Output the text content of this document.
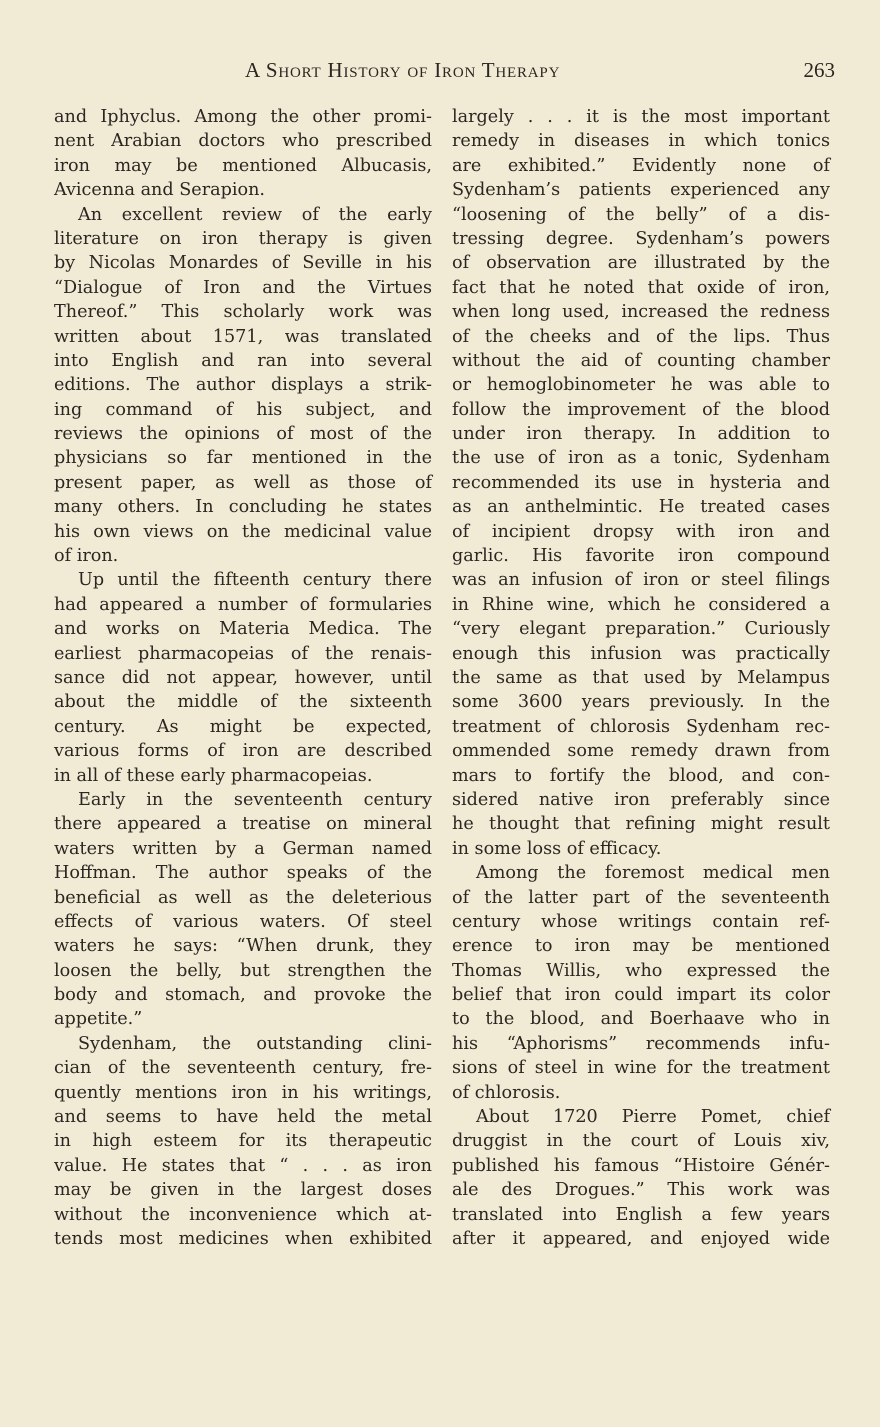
A Short History of Iron Therapy	263
and Iphyclus. Among the other promi-
nent Arabian doctors who prescribed
iron may be mentioned Albucasis,
Avicenna and Serapion.
An excellent review of the early
literature on iron therapy is given
by Nicolas Monardes of Seville in his
“Dialogue of Iron and the Virtues
Thereof.” This scholarly work was
written about 1571, was translated
into English and ran into several
editions. The author displays a strik-
ing command of his subject, and
reviews the opinions of most of the
physicians so far mentioned in the
present paper, as well as those of
many others. In concluding he states
his own views on the medicinal value
of iron.
Up until the fifteenth century there
had appeared a number of formularies
and works on Materia Medica. The
earliest pharmacopeias of the renais-
sance did not appear, however, until
about the middle of the sixteenth
century. As might be expected,
various forms of iron are described
in all of these early pharmacopeias.
Early in the seventeenth century
there appeared a treatise on mineral
waters written by a German named
Hoffman. The author speaks of the
beneficial as well as the deleterious
effects of various waters. Of steel
waters he says: “When drunk, they
loosen the belly, but strengthen the
body and stomach, and provoke the
appetite.”
Sydenham, the outstanding clini-
cian of the seventeenth century, fre-
quently mentions iron in his writings,
and seems to have held the metal
in high esteem for its therapeutic
value. He states that “ . . . as iron
may be given in the largest doses
without the inconvenience which at-
tends most medicines when exhibited
largely . . . it is the most important
remedy in diseases in which tonics
are exhibited.” Evidently none of
Sydenham’s patients experienced any
“loosening of the belly” of a dis-
tressing degree. Sydenham’s powers
of observation are illustrated by the
fact that he noted that oxide of iron,
when long used, increased the redness
of the cheeks and of the lips. Thus
without the aid of counting chamber
or hemoglobinometer he was able to
follow the improvement of the blood
under iron therapy. In addition to
the use of iron as a tonic, Sydenham
recommended its use in hysteria and
as an anthelmintic. He treated cases
of incipient dropsy with iron and
garlic. His favorite iron compound
was an infusion of iron or steel filings
in Rhine wine, which he considered a
“very elegant preparation.” Curiously
enough this infusion was practically
the same as that used by Melampus
some 3600 years previously. In the
treatment of chlorosis Sydenham rec-
ommended some remedy drawn from
mars to fortify the blood, and con-
sidered native iron preferably since
he thought that refining might result
in some loss of efficacy.
Among the foremost medical men
of the latter part of the seventeenth
century whose writings contain ref-
erence to iron may be mentioned
Thomas Willis, who expressed the
belief that iron could impart its color
to the blood, and Boerhaave who in
his “Aphorisms” recommends infu-
sions of steel in wine for the treatment
of chlorosis.
About 1720 Pierre Pomet, chief
druggist in the court of Louis xiv,
published his famous “Histoire Génér-
ale des Drogues.” This work was
translated into English a few years
after it appeared, and enjoyed wide
